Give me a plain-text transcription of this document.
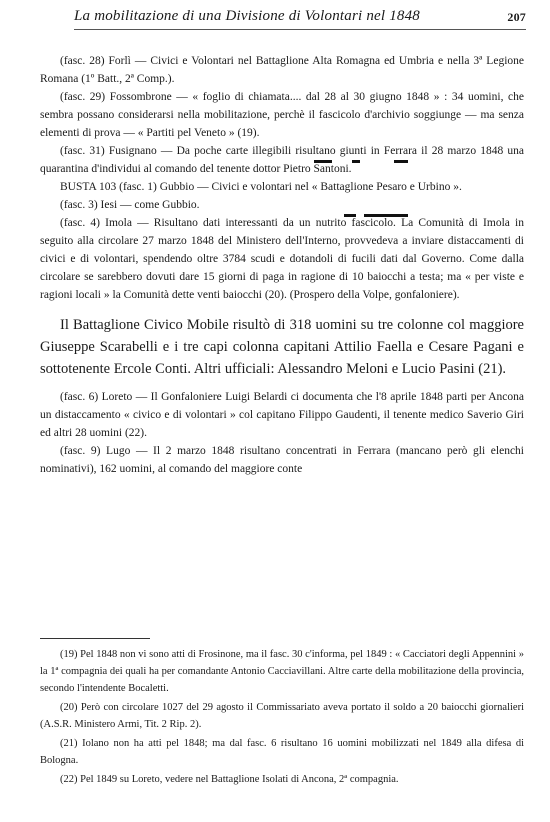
La mobilitazione di una Divisione di Volontari nel 1848	207

(fasc. 28) Forlì — Civici e Volontari nel Battaglione Alta Romagna ed Umbria e nella 3ª Legione Romana (1º Batt., 2ª Comp.).

(fasc. 29) Fossombrone — « foglio di chiamata.... dal 28 al 30 giugno 1848 » : 34 uomini, che sembra possano considerarsi nella mobilitazione, perchè il fascicolo d'archivio soggiunge — ma senza elementi di prova — « Partiti pel Veneto » (19).

(fasc. 31) Fusignano — Da poche carte illegibili risultano giunti in Ferrara il 28 marzo 1848 una quarantina d'individui al comando del tenente dottor Pietro Santoni.

BUSTA 103 (fasc. 1) Gubbio — Civici e volontari nel « Battaglione Pesaro e Urbino ».

(fasc. 3) Iesi — come Gubbio.

(fasc. 4) Imola — Risultano dati interessanti da un nutrito fascicolo. La Comunità di Imola in seguito alla circolare 27 marzo 1848 del Ministero dell'Interno, provvedeva a inviare distaccamenti di civici e di volontari, spendendo oltre 3784 scudi e dotandoli di fucili dati dal Governo. Come dalla circolare se sarebbero dovuti dare 15 giorni di paga in ragione di 10 baiocchi a testa; ma « per viste e ragioni locali » la Comunità dette venti baiocchi (20). (Prospero della Volpe, gonfaloniere).

Il Battaglione Civico Mobile risultò di 318 uomini su tre colonne col maggiore Giuseppe Scarabelli e i tre capi colonna capitani Attilio Faella e Cesare Pagani e sottotenente Ercole Conti. Altri ufficiali: Alessandro Meloni e Lucio Pasini (21).

(fasc. 6) Loreto — Il Gonfaloniere Luigi Belardi ci documenta che l'8 aprile 1848 parti per Ancona un distaccamento « civico e di volontari » col capitano Filippo Gaudenti, il tenente medico Saverio Giri ed altri 28 uomini (22).

(fasc. 9) Lugo — Il 2 marzo 1848 risultano concentrati in Ferrara (mancano però gli elenchi nominativi), 162 uomini, al comando del maggiore conte

(19) Pel 1848 non vi sono atti di Frosinone, ma il fasc. 30 c'informa, pel 1849 : « Cacciatori degli Appennini » la 1ª compagnia dei quali ha per comandante Antonio Cacciavillani. Altre carte della mobilitazione della provincia, secondo l'intendente Bocaletti.

(20) Però con circolare 1027 del 29 agosto il Commissariato aveva portato il soldo a 20 baiocchi giornalieri (A.S.R. Ministero Armi, Tit. 2 Rip. 2).

(21) Iolano non ha atti pel 1848; ma dal fasc. 6 risultano 16 uomini mobilizzati nel 1849 alla difesa di Bologna.

(22) Pel 1849 su Loreto, vedere nel Battaglione Isolati di Ancona, 2ª compagnia.
